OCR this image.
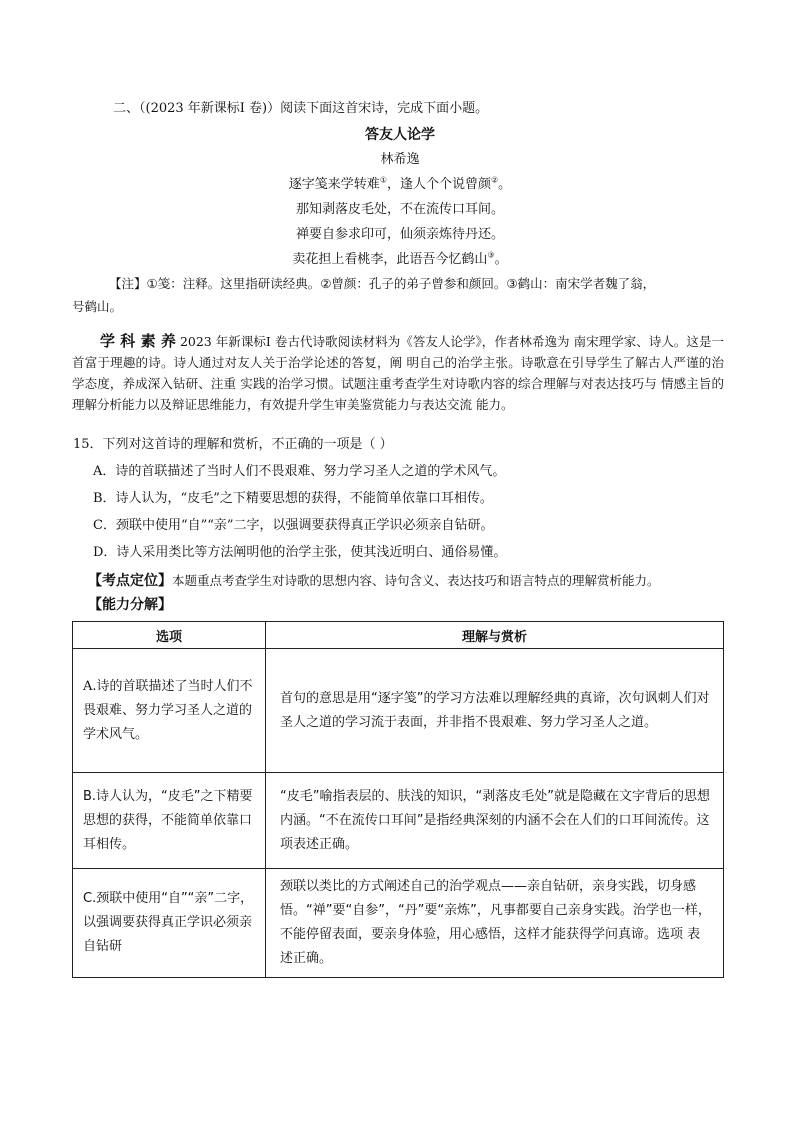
二、（(2023 年新课标Ⅰ 卷)）阅读下面这首宋诗，完成下面小题。
答友人论学
林希逸
逐字笺来学转难①，逢人个个说曾颜②。
那知剥落皮毛处，不在流传口耳间。
禅要自参求印可，仙须亲炼待丹还。
卖花担上看桃李，此语吾今忆鹤山③。
【注】①笺：注释。这里指研读经典。②曾颜：孔子的弟子曾参和颜回。③鹤山：南宋学者魏了翁，
号鹤山。
学 科 素 养 2023 年新课标Ⅰ 卷古代诗歌阅读材料为《答友人论学》，作者林希逸为 南宋理学家、诗人。这是一首富于理趣的诗。诗人通过对友人关于治学论述的答复，阐 明自己的治学主张。诗歌意在引导学生了解古人严谨的治学态度，养成深入钻研、注重 实践的治学习惯。试题注重考查学生对诗歌内容的综合理解与对表达技巧与 情感主旨的理解分析能力以及辩证思维能力，有效提升学生审美鉴赏能力与表达交流 能力。
15．下列对这首诗的理解和赏析，不正确的一项是（ ）
A．诗的首联描述了当时人们不畏艰难、努力学习圣人之道的学术风气。
B．诗人认为，“皮毛”之下精要思想的获得，不能简单依靠口耳相传。
C．颈联中使用“自”“亲”二字，以强调要获得真正学识必须亲自钻研。
D．诗人采用类比等方法阐明他的治学主张，使其浅近明白、通俗易懂。
【考点定位】本题重点考查学生对诗歌的思想内容、诗句含义、表达技巧和语言特点的理解赏析能力。
【能力分解】
选项	理解与赏析
A.诗的首联描述了当时人们不畏艰难、努力学习圣人之道的学术风气。	首句的意思是用“逐字笺”的学习方法难以理解经典的真谛，次句讽刺人们对圣人之道的学习流于表面，并非指不畏艰难、努力学习圣人之道。
B.诗人认为，“皮毛”之下精要思想的获得，不能简单依靠口耳相传。	“皮毛”喻指表层的、肤浅的知识，“剥落皮毛处”就是隐藏在文字背后的思想内涵。“不在流传口耳间”是指经典深刻的内涵不会在人们的口耳间流传。这项表述正确。
C.颈联中使用“自”“亲”二字，以强调要获得真正学识必须亲自钻研	颈联以类比的方式阐述自己的治学观点——亲自钻研，亲身实践，切身感悟。“禅”要“自参”，“丹”要“亲炼”，凡事都要自己亲身实践。治学也一样，不能停留表面，要亲身体验，用心感悟，这样才能获得学问真谛。选项 表述正确。
